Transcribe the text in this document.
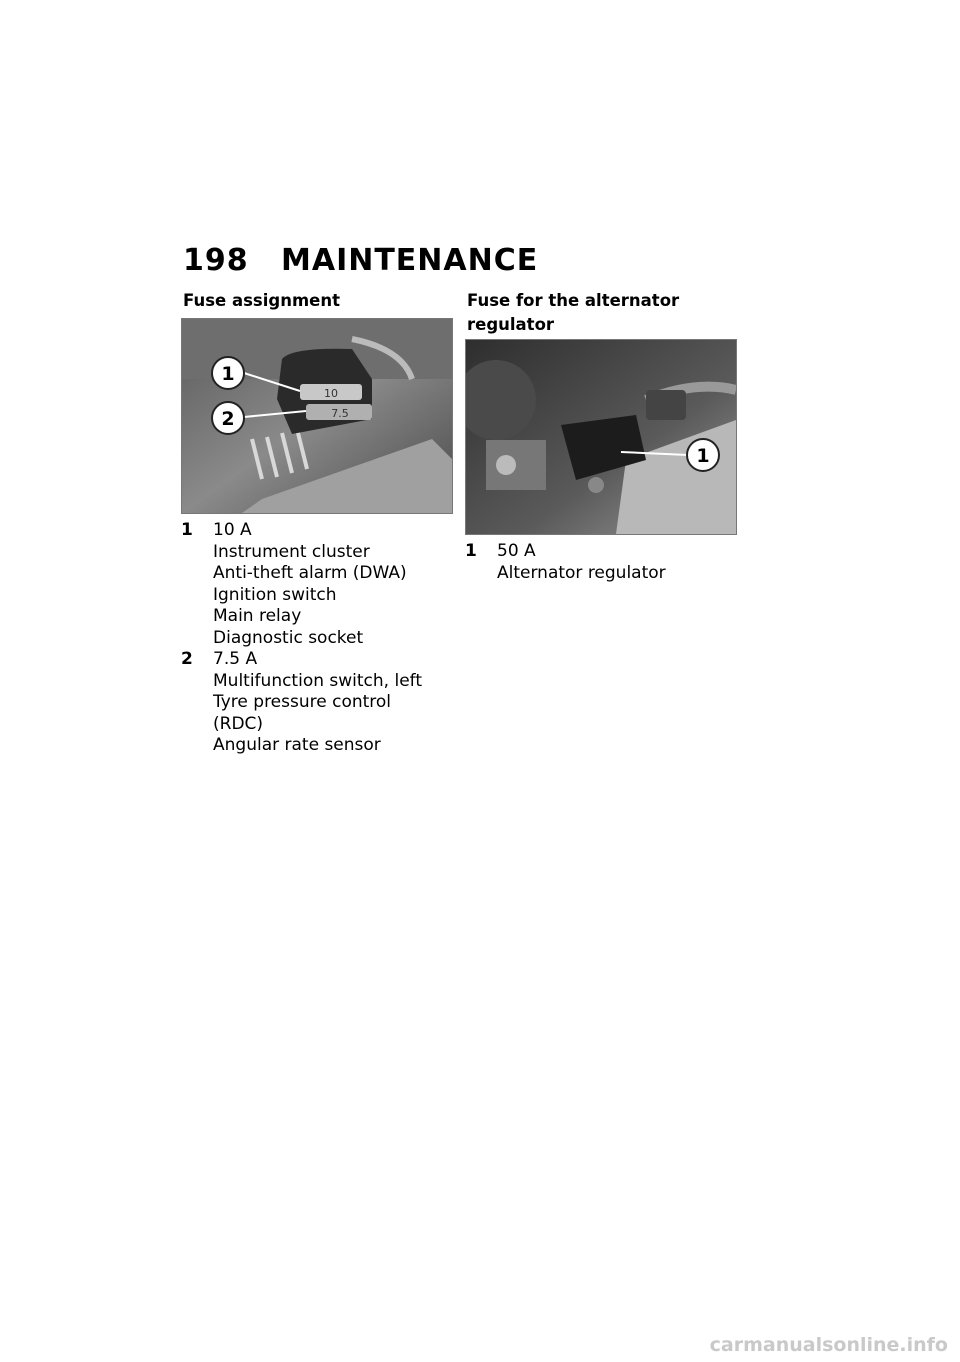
198 MAINTENANCE
Fuse assignment
10
7.5
1
2
1	10 A
Instrument cluster
Anti-theft alarm (DWA)
Ignition switch
Main relay
Diagnostic socket
2	7.5 A
Multifunction switch, left
Tyre pressure control
(RDC)
Angular rate sensor
Fuse for the alternator
regulator
1
1	50 A
Alternator regulator
carmanualsonline.info
